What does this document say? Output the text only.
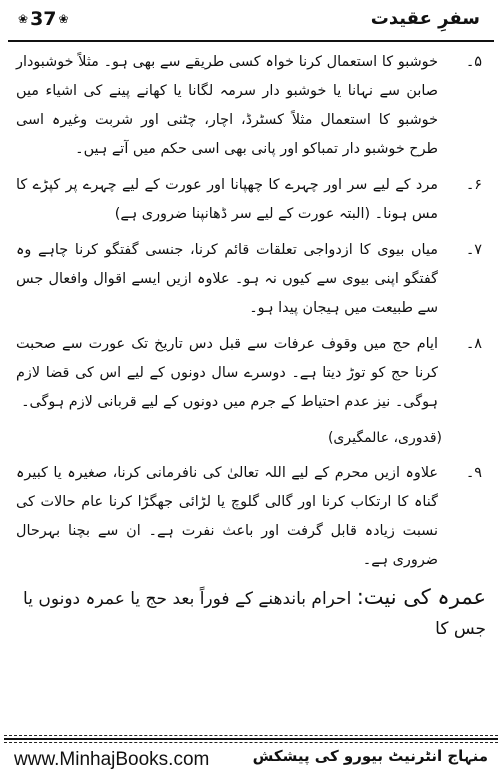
❀ 37 ❀	سفرِ عقیدت
۵۔
خوشبو کا استعمال کرنا خواہ کسی طریقے سے بھی ہو۔ مثلاً خوشبودار صابن سے نہانا یا خوشبو دار سرمہ لگانا یا کھانے پینے کی اشیاء میں خوشبو کا استعمال مثلاً کسٹرڈ، اچار، چٹنی اور شربت وغیرہ اسی طرح خوشبو دار تمباکو اور پانی بھی اسی حکم میں آتے ہیں۔
۶۔
مرد کے لیے سر اور چہرے کا چھپانا اور عورت کے لیے چہرے پر کپڑے کا مس ہونا۔ (البتہ عورت کے لیے سر ڈھانپنا ضروری ہے)
۷۔
میاں بیوی کا ازدواجی تعلقات قائم کرنا، جنسی گفتگو کرنا چاہے وہ گفتگو اپنی بیوی سے کیوں نہ ہو۔ علاوہ ازیں ایسے اقوال وافعال جس سے طبیعت میں ہیجان پیدا ہو۔
۸۔
ایام حج میں وقوف عرفات سے قبل دس تاریخ تک عورت سے صحبت کرنا حج کو توڑ دیتا ہے۔ دوسرے سال دونوں کے لیے اس کی قضا لازم ہوگی۔ نیز عدم احتیاط کے جرم میں دونوں کے لیے قربانی لازم ہوگی۔
(قدوری، عالمگیری)
۹۔
علاوہ ازیں محرم کے لیے اللہ تعالیٰ کی نافرمانی کرنا، صغیرہ یا کبیرہ گناہ کا ارتکاب کرنا اور گالی گلوچ یا لڑائی جھگڑا کرنا عام حالات کی نسبت زیادہ قابل گرفت اور باعث نفرت ہے۔ ان سے بچنا بہرحال ضروری ہے۔
عمرہ کی نیت: احرام باندھنے کے فوراً بعد حج یا عمرہ دونوں یا جس کا
www.MinhajBooks.com	منہاج انٹرنیٹ بیورو کی پیشکش
